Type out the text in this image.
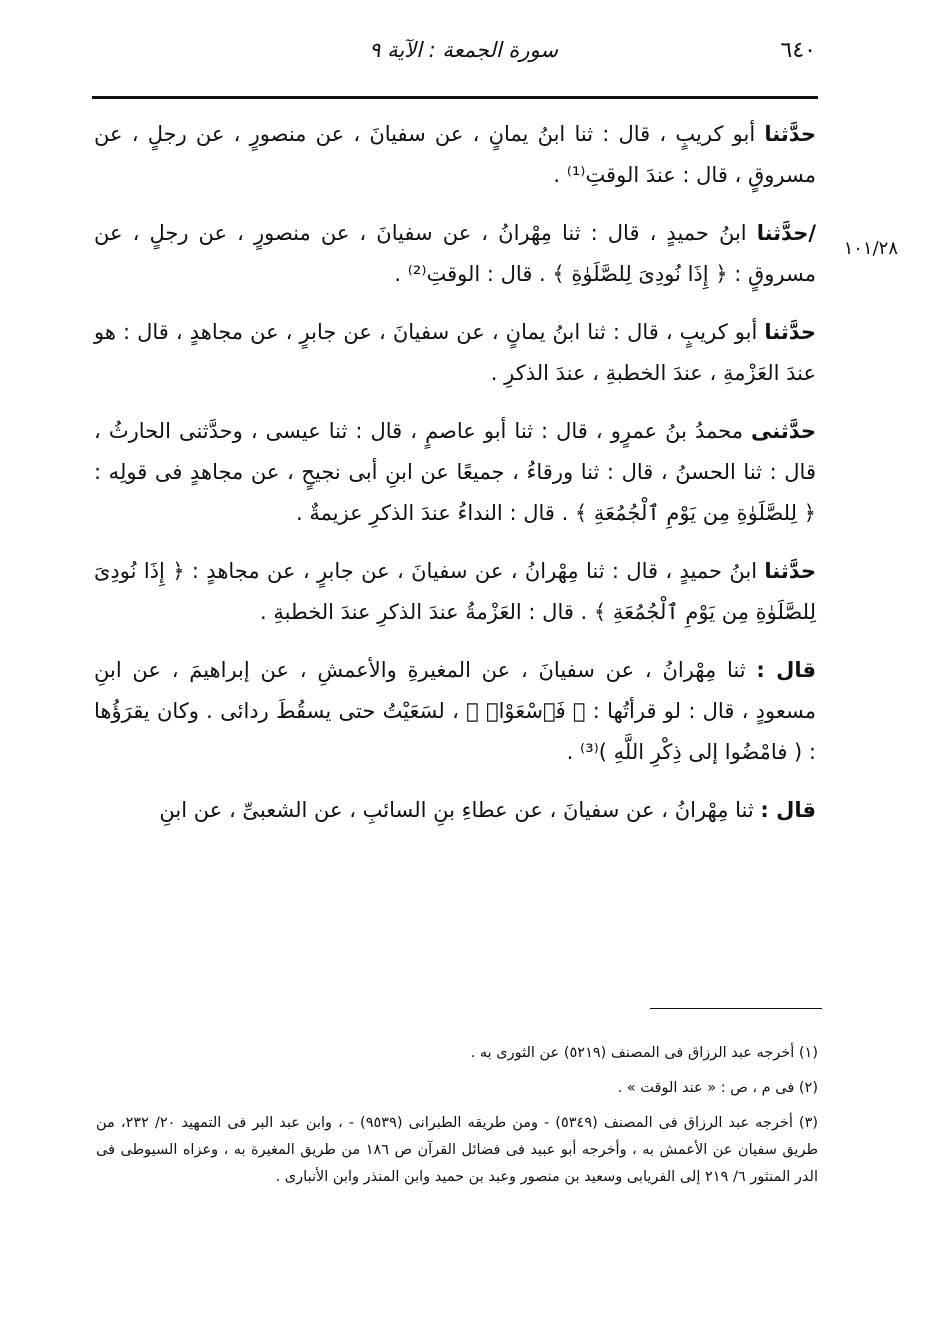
٦٤٠
سورة الجمعة : الآية ٩
١٠١/٢٨

حدَّثنا أبو كريبٍ ، قال : ثنا ابنُ يمانٍ ، عن سفيانَ ، عن منصورٍ ، عن رجلٍ ، عن مسروقٍ ، قال : عندَ الوقتِ⁽¹⁾ .

/حدَّثنا ابنُ حميدٍ ، قال : ثنا مِهْرانُ ، عن سفيانَ ، عن منصورٍ ، عن رجلٍ ، عن مسروقٍ : ﴿ إِذَا نُودِىَ لِلصَّلَوٰةِ ﴾ . قال : الوقتِ⁽²⁾ .

حدَّثنا أبو كريبٍ ، قال : ثنا ابنُ يمانٍ ، عن سفيانَ ، عن جابرٍ ، عن مجاهدٍ ، قال : هو عندَ العَزْمةِ ، عندَ الخطبةِ ، عندَ الذكرِ .

حدَّثنى محمدُ بنُ عمرٍو ، قال : ثنا أبو عاصمٍ ، قال : ثنا عيسى ، وحدَّثنى الحارثُ ، قال : ثنا الحسنُ ، قال : ثنا ورقاءُ ، جميعًا عن ابنِ أبى نجيحٍ ، عن مجاهدٍ فى قولِه : ﴿ لِلصَّلَوٰةِ مِن يَوْمِ ٱلْجُمُعَةِ ﴾ . قال : النداءُ عندَ الذكرِ عزيمةٌ .

حدَّثنا ابنُ حميدٍ ، قال : ثنا مِهْرانُ ، عن سفيانَ ، عن جابرٍ ، عن مجاهدٍ : ﴿ إِذَا نُودِىَ لِلصَّلَوٰةِ مِن يَوْمِ ٱلْجُمُعَةِ ﴾ . قال : العَزْمةُ عندَ الذكرِ عندَ الخطبةِ .

قال : ثنا مِهْرانُ ، عن سفيانَ ، عن المغيرةِ والأعمشِ ، عن إبراهيمَ ، عن ابنِ مسعودٍ ، قال : لو قرأتُها : ﴿ فَٱسْعَوْا۟ ﴾ ، لسَعَيْتُ حتى يسقُطَ ردائى . وكان يقرَؤُها : ( فامْضُوا إلى ذِكْرِ اللَّهِ )⁽³⁾ .

قال : ثنا مِهْرانُ ، عن سفيانَ ، عن عطاءِ بنِ السائبِ ، عن الشعبىِّ ، عن ابنِ

(١) أخرجه عبد الرزاق فى المصنف (٥٢١٩) عن الثورى به .

(٢) فى م ، ص : « عند الوقت » .

(٣) أخرجه عبد الرزاق فى المصنف (٥٣٤٩) - ومن طريقه الطبرانى (٩٥٣٩) - ، وابن عبد البر فى التمهيد ٢٠/ ٢٣٢، من طريق سفيان عن الأعمش به ، وأخرجه أبو عبيد فى فضائل القرآن ص ١٨٦ من طريق المغيرة به ، وعزاه السيوطى فى الدر المنثور ٦/ ٢١٩ إلى الفريابى وسعيد بن منصور وعبد بن حميد وابن المنذر وابن الأنبارى .
